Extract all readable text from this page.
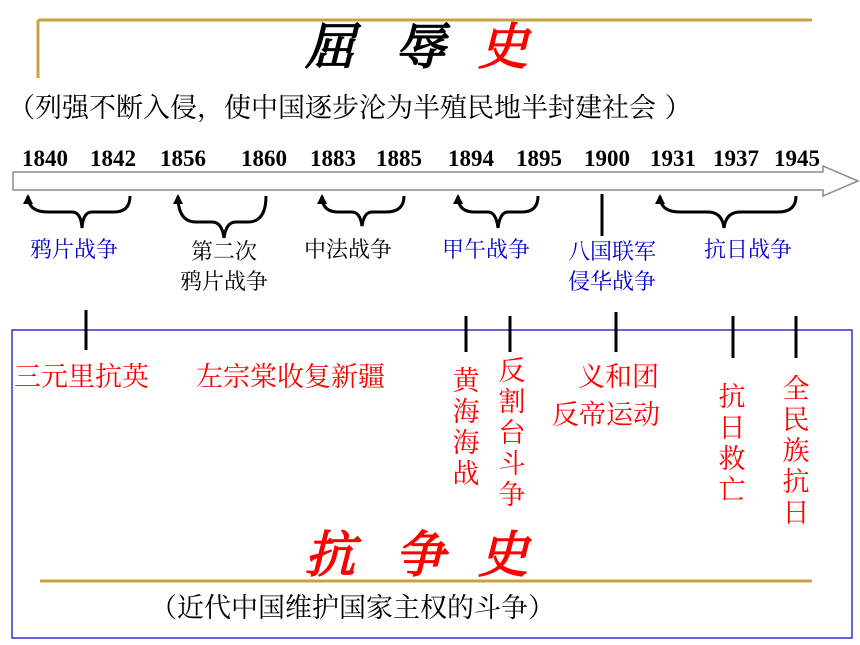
屈 辱 史
（列强不断入侵，使中国逐步沦为半殖民地半封建社会 ）
1840 1842 1856 1860 1883 1885 1894 1895 1900 1931 1937 1945
鸦片战争	第二次
鸦片战争
中法战争 甲午战争 八国联军
侵华战争
抗日战争
三元里抗英 左宗棠收复新疆	黄海海战
反割台斗争
义和团
反帝运动
抗日救亡
全民族抗日
抗 争 史
（近代中国维护国家主权的斗争）
